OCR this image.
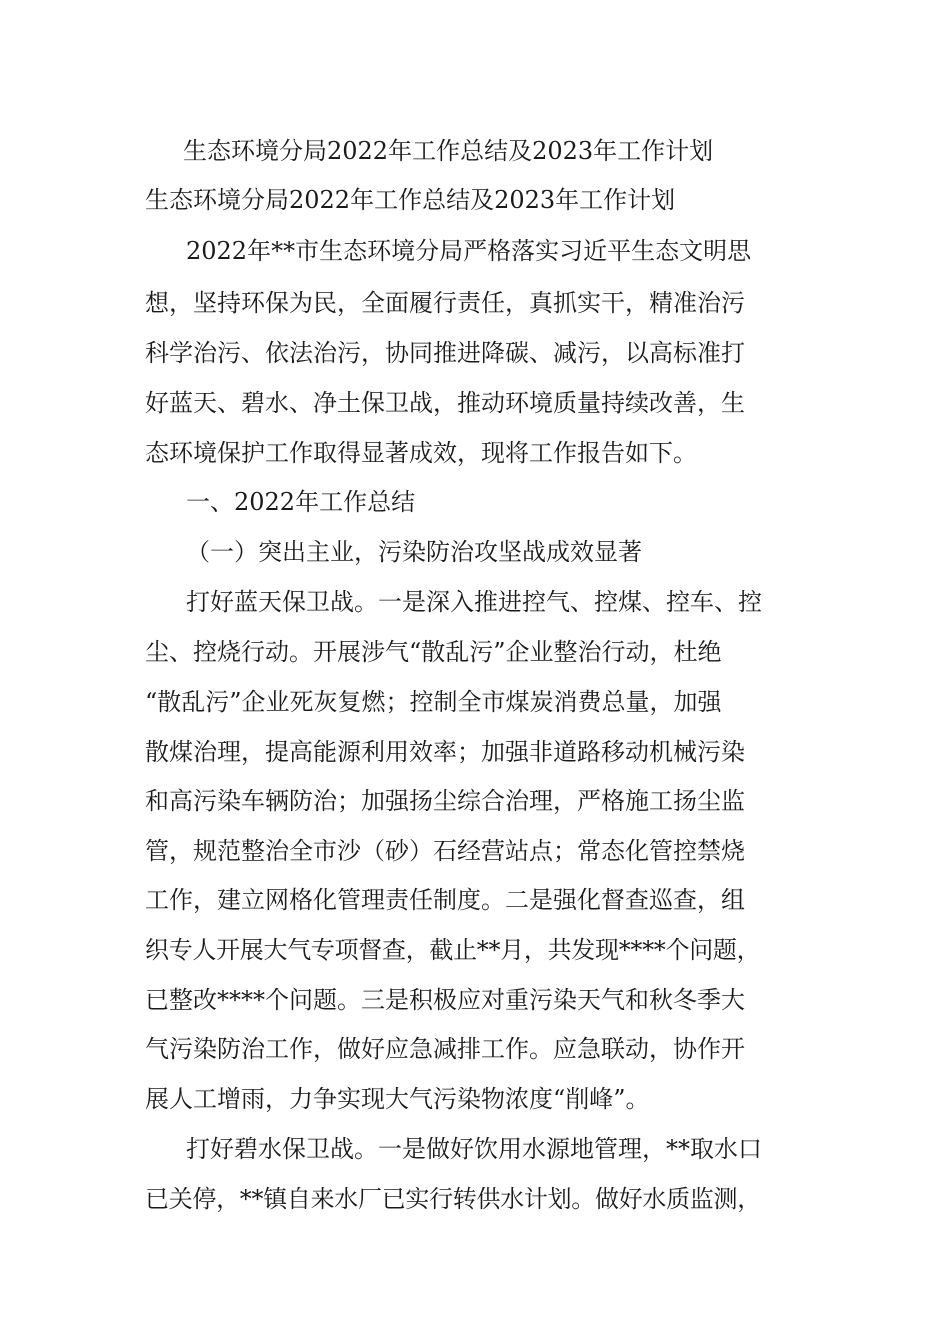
生态环境分局2022年工作总结及2023年工作计划
生态环境分局2022年工作总结及2023年工作计划
2022年**市生态环境分局严格落实习近平生态文明思
想，坚持环保为民，全面履行责任，真抓实干，精准治污
科学治污、依法治污，协同推进降碳、减污，以高标准打
好蓝天、碧水、净土保卫战，推动环境质量持续改善，生
态环境保护工作取得显著成效，现将工作报告如下。
一、2022年工作总结
（一）突出主业，污染防治攻坚战成效显著
打好蓝天保卫战。一是深入推进控气、控煤、控车、控
尘、控烧行动。开展涉气“散乱污”企业整治行动，杜绝
“散乱污”企业死灰复燃；控制全市煤炭消费总量，加强
散煤治理，提高能源利用效率；加强非道路移动机械污染
和高污染车辆防治；加强扬尘综合治理，严格施工扬尘监
管，规范整治全市沙（砂）石经营站点；常态化管控禁烧
工作，建立网格化管理责任制度。二是强化督查巡查，组
织专人开展大气专项督查，截止**月，共发现****个问题，
已整改****个问题。三是积极应对重污染天气和秋冬季大
气污染防治工作，做好应急减排工作。应急联动，协作开
展人工增雨，力争实现大气污染物浓度“削峰”。
打好碧水保卫战。一是做好饮用水源地管理，**取水口
已关停，**镇自来水厂已实行转供水计划。做好水质监测，
